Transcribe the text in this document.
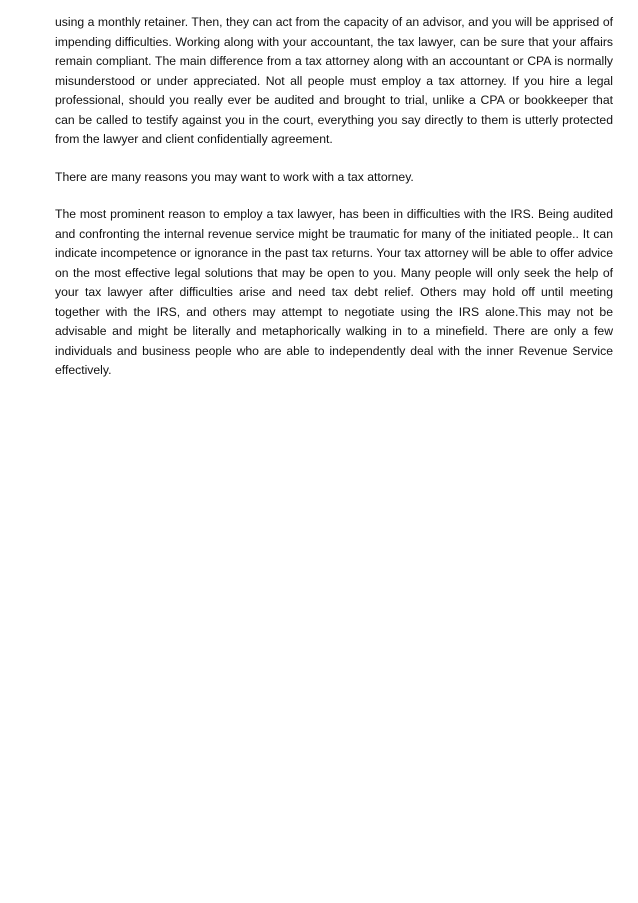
using a monthly retainer. Then, they can act from the capacity of an advisor, and you will be apprised of impending difficulties. Working along with your accountant, the tax lawyer, can be sure that your affairs remain compliant. The main difference from a tax attorney along with an accountant or CPA is normally misunderstood or under appreciated. Not all people must employ a tax attorney. If you hire a legal professional, should you really ever be audited and brought to trial, unlike a CPA or bookkeeper that can be called to testify against you in the court, everything you say directly to them is utterly protected from the lawyer and client confidentially agreement.

There are many reasons you may want to work with a tax attorney.

The most prominent reason to employ a tax lawyer, has been in difficulties with the IRS. Being audited and confronting the internal revenue service might be traumatic for many of the initiated people.. It can indicate incompetence or ignorance in the past tax returns. Your tax attorney will be able to offer advice on the most effective legal solutions that may be open to you. Many people will only seek the help of your tax lawyer after difficulties arise and need tax debt relief. Others may hold off until meeting together with the IRS, and others may attempt to negotiate using the IRS alone.This may not be advisable and might be literally and metaphorically walking in to a minefield. There are only a few individuals and business people who are able to independently deal with the inner Revenue Service effectively.
